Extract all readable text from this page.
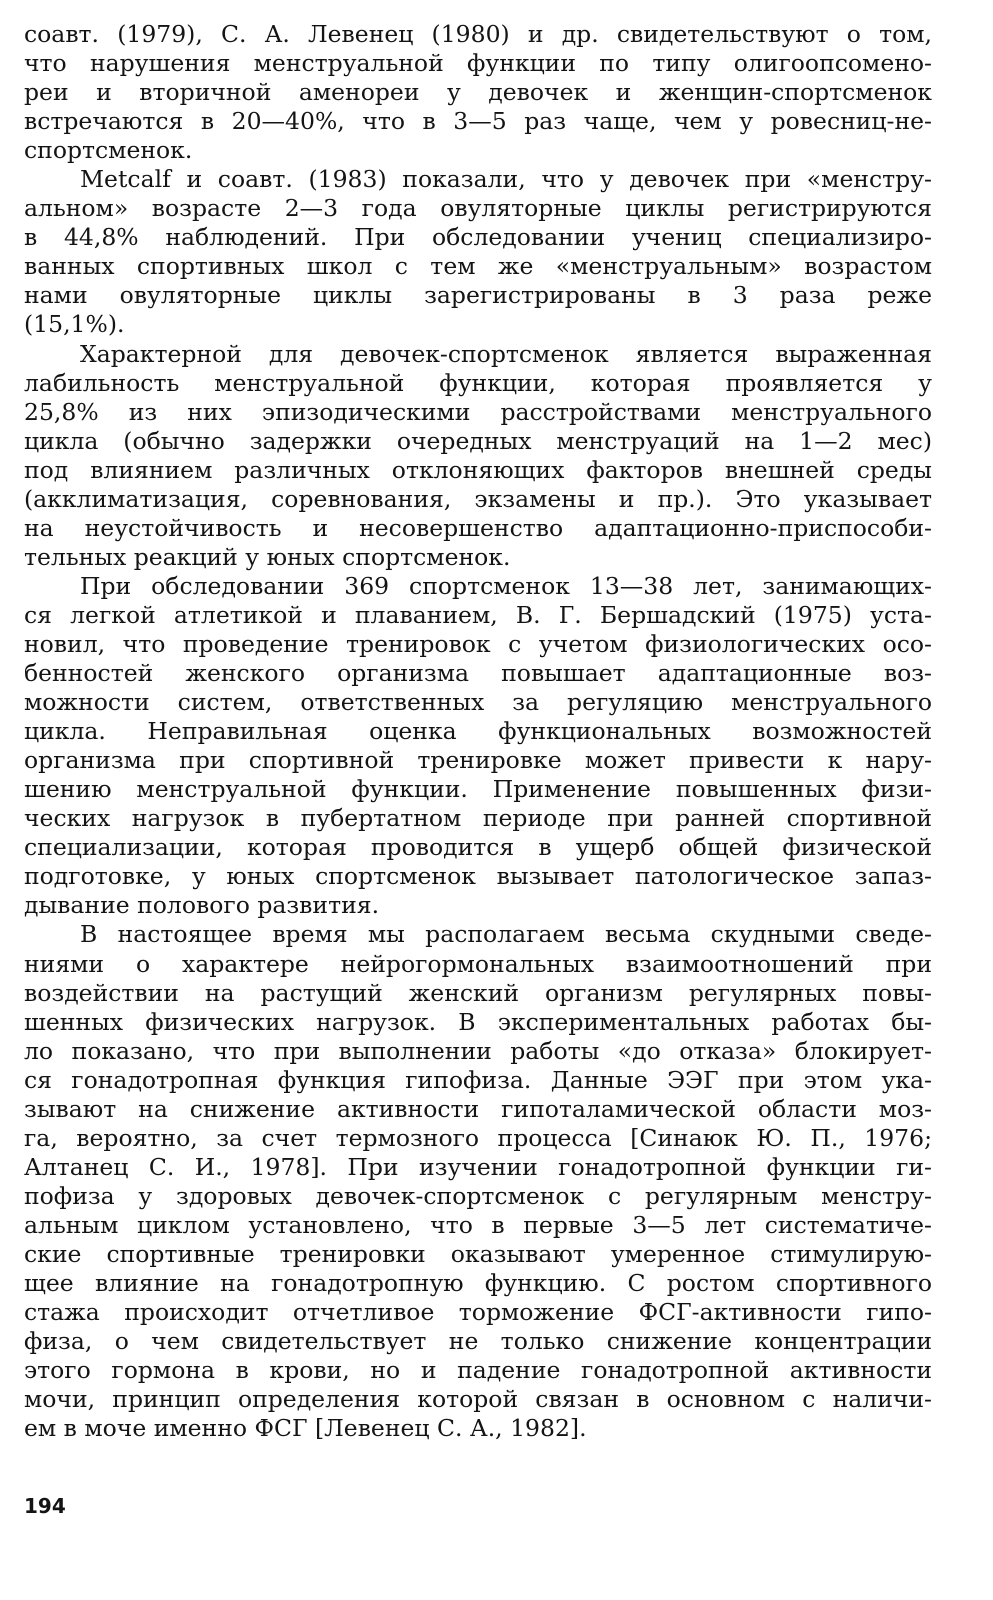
соавт. (1979), С. А. Левенец (1980) и др. свидетельствуют о том,
что нарушения менструальной функции по типу олигоопсомено-
реи и вторичной аменореи у девочек и женщин-спортсменок
встречаются в 20—40%, что в 3—5 раз чаще, чем у ровесниц-не-
спортсменок.
Metcalf и соавт. (1983) показали, что у девочек при «менстру-
альном» возрасте 2—3 года овуляторные циклы регистрируются
в 44,8% наблюдений. При обследовании учениц специализиро-
ванных спортивных школ с тем же «менструальным» возрастом
нами овуляторные циклы зарегистрированы в 3 раза реже
(15,1%).
Характерной для девочек-спортсменок является выраженная
лабильность менструальной функции, которая проявляется у
25,8% из них эпизодическими расстройствами менструального
цикла (обычно задержки очередных менструаций на 1—2 мес)
под влиянием различных отклоняющих факторов внешней среды
(акклиматизация, соревнования, экзамены и пр.). Это указывает
на неустойчивость и несовершенство адаптационно-приспособи-
тельных реакций у юных спортсменок.
При обследовании 369 спортсменок 13—38 лет, занимающих-
ся легкой атлетикой и плаванием, В. Г. Бершадский (1975) уста-
новил, что проведение тренировок с учетом физиологических осо-
бенностей женского организма повышает адаптационные воз-
можности систем, ответственных за регуляцию менструального
цикла. Неправильная оценка функциональных возможностей
организма при спортивной тренировке может привести к нару-
шению менструальной функции. Применение повышенных физи-
ческих нагрузок в пубертатном периоде при ранней спортивной
специализации, которая проводится в ущерб общей физической
подготовке, у юных спортсменок вызывает патологическое запаз-
дывание полового развития.
В настоящее время мы располагаем весьма скудными сведе-
ниями о характере нейрогормональных взаимоотношений при
воздействии на растущий женский организм регулярных повы-
шенных физических нагрузок. В экспериментальных работах бы-
ло показано, что при выполнении работы «до отказа» блокирует-
ся гонадотропная функция гипофиза. Данные ЭЭГ при этом ука-
зывают на снижение активности гипоталамической области моз-
га, вероятно, за счет термозного процесса [Синаюк Ю. П., 1976;
Алтанец С. И., 1978]. При изучении гонадотропной функции ги-
пофиза у здоровых девочек-спортсменок с регулярным менстру-
альным циклом установлено, что в первые 3—5 лет систематиче-
ские спортивные тренировки оказывают умеренное стимулирую-
щее влияние на гонадотропную функцию. С ростом спортивного
стажа происходит отчетливое торможение ФСГ-активности гипо-
физа, о чем свидетельствует не только снижение концентрации
этого гормона в крови, но и падение гонадотропной активности
мочи, принцип определения которой связан в основном с наличи-
ем в моче именно ФСГ [Левенец С. А., 1982].
194
